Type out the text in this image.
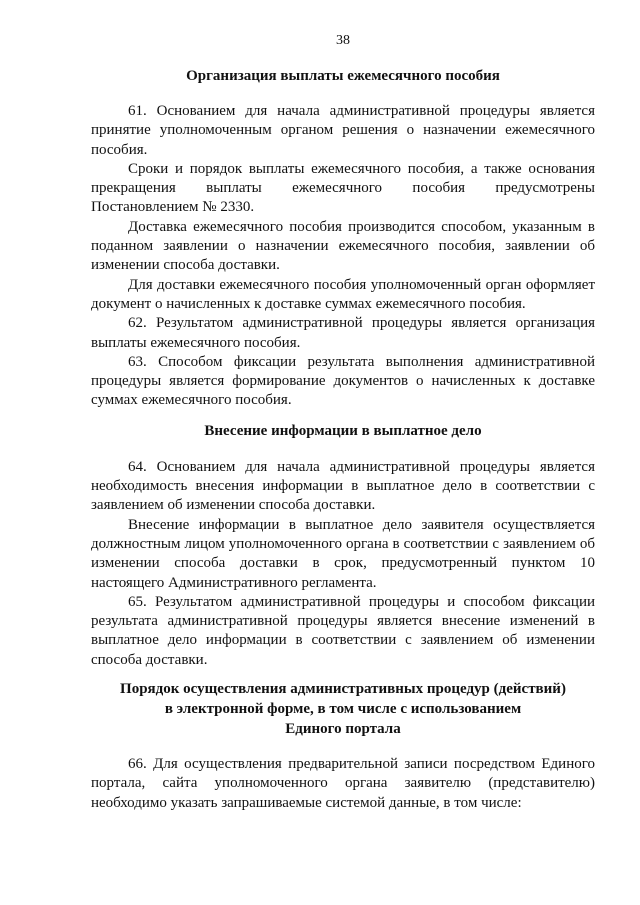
38
Организация выплаты ежемесячного пособия

61. Основанием для начала административной процедуры является принятие уполномоченным органом решения о назначении ежемесячного пособия.

Сроки и порядок выплаты ежемесячного пособия, а также основания прекращения выплаты ежемесячного пособия предусмотрены Постановлением № 2330.

Доставка ежемесячного пособия производится способом, указанным в поданном заявлении о назначении ежемесячного пособия, заявлении об изменении способа доставки.

Для доставки ежемесячного пособия уполномоченный орган оформляет документ о начисленных к доставке суммах ежемесячного пособия.

62. Результатом административной процедуры является организация выплаты ежемесячного пособия.

63. Способом фиксации результата выполнения административной процедуры является формирование документов о начисленных к доставке суммах ежемесячного пособия.

Внесение информации в выплатное дело

64. Основанием для начала административной процедуры является необходимость внесения информации в выплатное дело в соответствии с заявлением об изменении способа доставки.

Внесение информации в выплатное дело заявителя осуществляется должностным лицом уполномоченного органа в соответствии с заявлением об изменении способа доставки в срок, предусмотренный пунктом 10 настоящего Административного регламента.

65. Результатом административной процедуры и способом фиксации результата административной процедуры является внесение изменений в выплатное дело информации в соответствии с заявлением об изменении способа доставки.

Порядок осуществления административных процедур (действий)
в электронной форме, в том числе с использованием
Единого портала

66. Для осуществления предварительной записи посредством Единого портала, сайта уполномоченного органа заявителю (представителю) необходимо указать запрашиваемые системой данные, в том числе:
